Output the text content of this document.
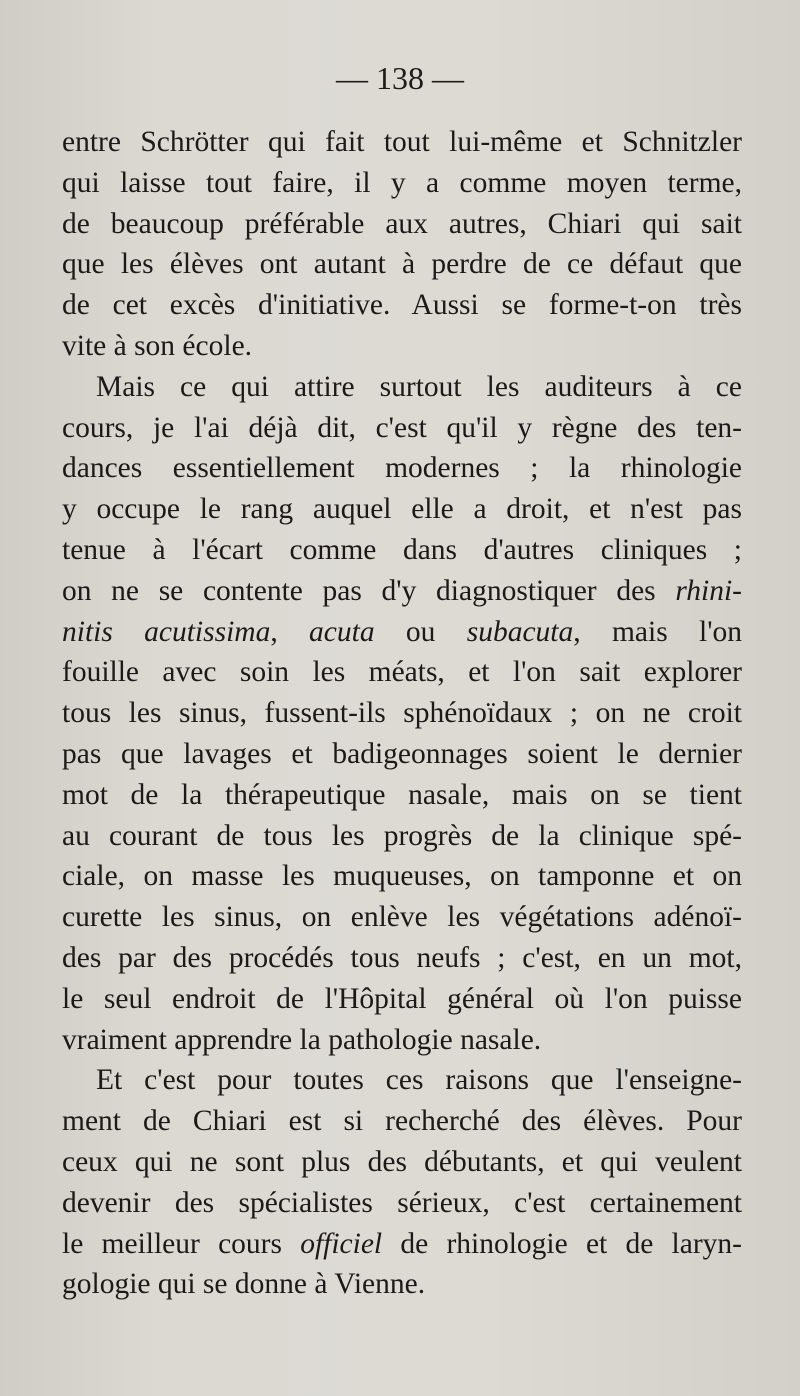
— 138 —
entre Schrötter qui fait tout lui-même et Schnitzler
qui laisse tout faire, il y a comme moyen terme,
de beaucoup préférable aux autres, Chiari qui sait
que les élèves ont autant à perdre de ce défaut que
de cet excès d'initiative. Aussi se forme-t-on très
vite à son école.
Mais ce qui attire surtout les auditeurs à ce
cours, je l'ai déjà dit, c'est qu'il y règne des ten-
dances essentiellement modernes ; la rhinologie
y occupe le rang auquel elle a droit, et n'est pas
tenue à l'écart comme dans d'autres cliniques ;
on ne se contente pas d'y diagnostiquer des rhini-
nitis acutissima, acuta ou subacuta, mais l'on
fouille avec soin les méats, et l'on sait explorer
tous les sinus, fussent-ils sphénoïdaux ; on ne croit
pas que lavages et badigeonnages soient le dernier
mot de la thérapeutique nasale, mais on se tient
au courant de tous les progrès de la clinique spé-
ciale, on masse les muqueuses, on tamponne et on
curette les sinus, on enlève les végétations adénoï-
des par des procédés tous neufs ; c'est, en un mot,
le seul endroit de l'Hôpital général où l'on puisse
vraiment apprendre la pathologie nasale.
Et c'est pour toutes ces raisons que l'enseigne-
ment de Chiari est si recherché des élèves. Pour
ceux qui ne sont plus des débutants, et qui veulent
devenir des spécialistes sérieux, c'est certainement
le meilleur cours officiel de rhinologie et de laryn-
gologie qui se donne à Vienne.
